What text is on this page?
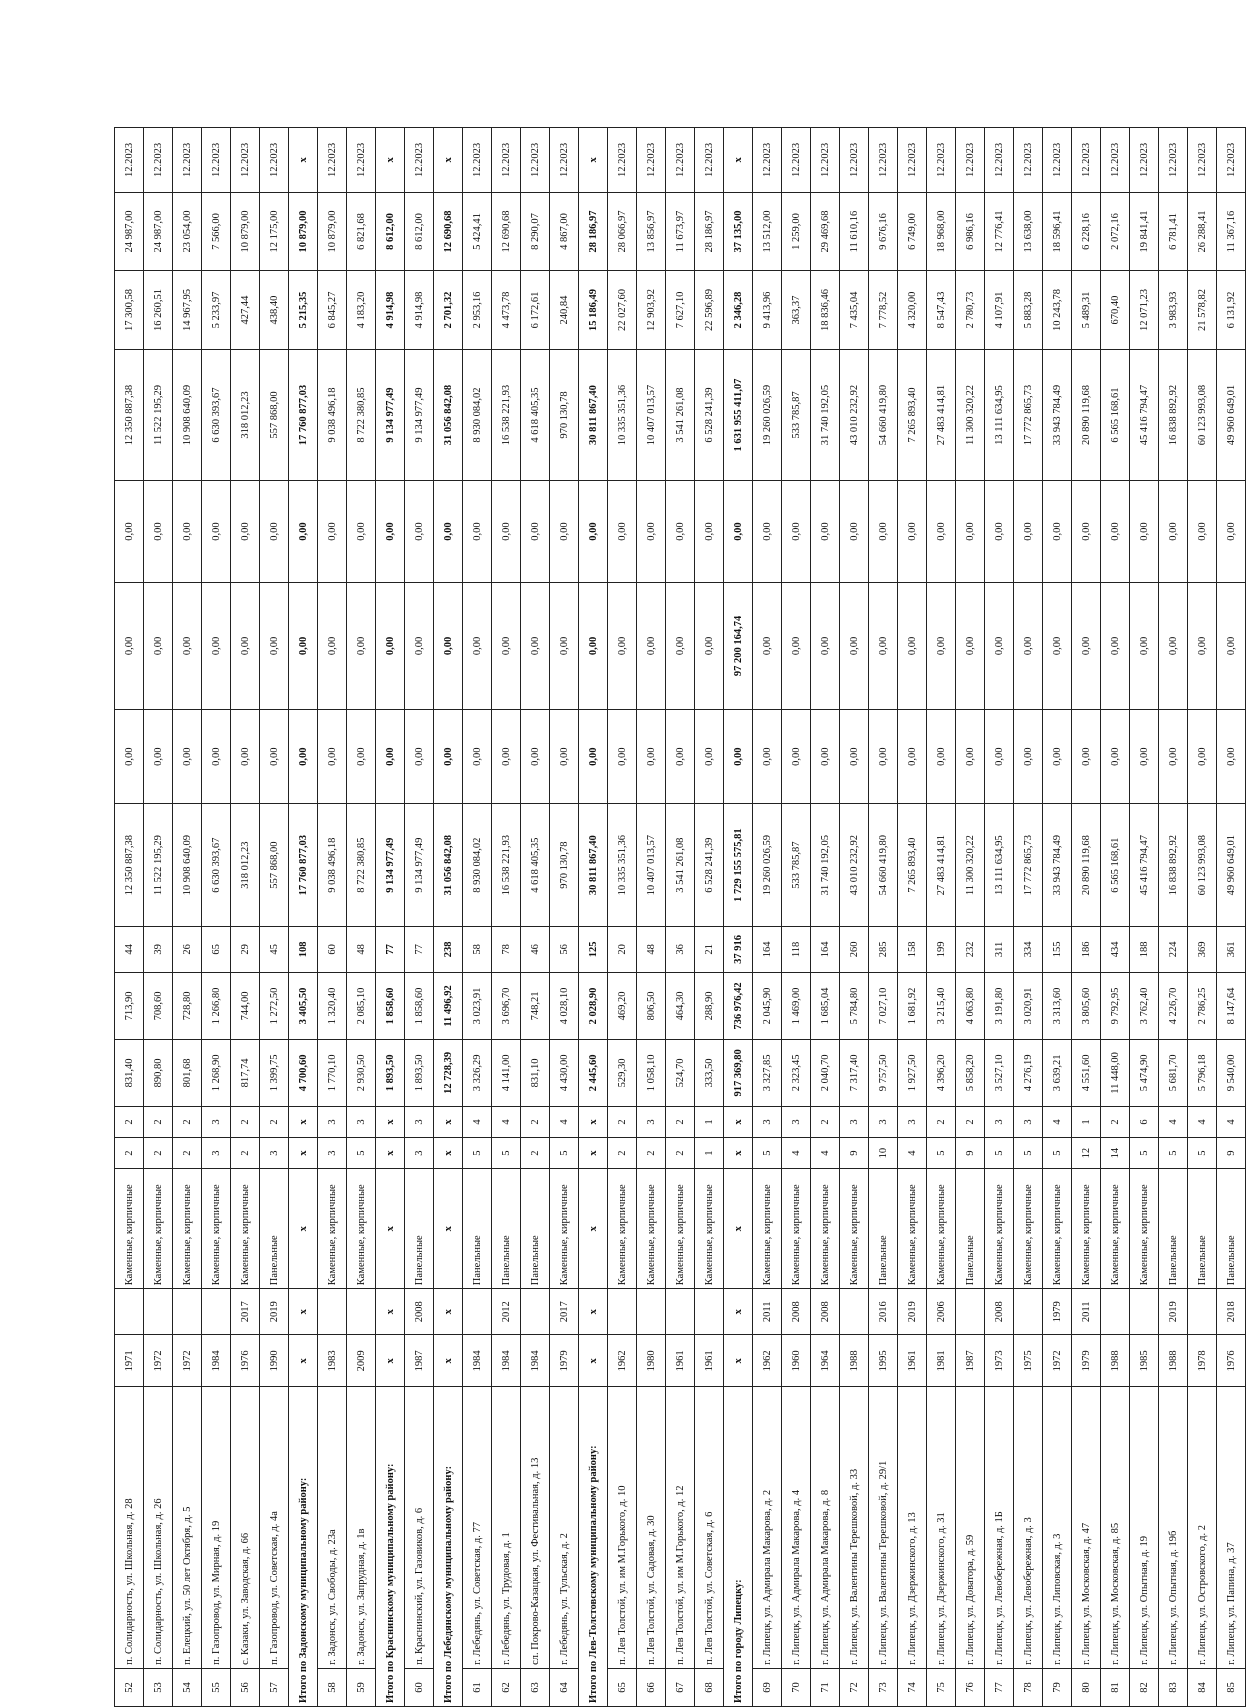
52	п. Солидарность, ул. Школьная, д. 28	1971		Каменные, кирпичные	2	2	831,40	713,90	44	12 350 887,38	0,00	0,00	0,00	12 350 887,38	17 300,58	24 987,00	12.2023
53	п. Солидарность, ул. Школьная, д. 26	1972		Каменные, кирпичные	2	2	890,80	708,60	39	11 522 195,29	0,00	0,00	0,00	11 522 195,29	16 260,51	24 987,00	12.2023
54	п. Елецкий, ул. 50 лет Октября, д. 5	1972		Каменные, кирпичные	2	2	801,68	728,80	26	10 908 640,09	0,00	0,00	0,00	10 908 640,09	14 967,95	23 054,00	12.2023
55	п. Газопровод, ул. Мирная, д. 19	1984		Каменные, кирпичные	3	3	1 268,90	1 266,80	65	6 630 393,67	0,00	0,00	0,00	6 630 393,67	5 233,97	7 566,00	12.2023
56	с. Казаки, ул. Заводская, д. 66	1976	2017	Каменные, кирпичные	2	2	817,74	744,00	29	318 012,23	0,00	0,00	0,00	318 012,23	427,44	10 879,00	12.2023
57	п. Газопровод, ул. Советская, д. 4а	1990	2019	Панельные	3	2	1 399,75	1 272,50	45	557 868,00	0,00	0,00	0,00	557 868,00	438,40	12 175,00	12.2023
Итого по Задонскому муниципальному району:		x	x	x	x	x	4 700,60	3 405,50	108	17 760 877,03	0,00	0,00	0,00	17 760 877,03	5 215,35	10 879,00	x
58	г. Задонск, ул. Свободы, д. 23а	1983		Каменные, кирпичные	3	3	1 770,10	1 320,40	60	9 038 496,18	0,00	0,00	0,00	9 038 496,18	6 845,27	10 879,00	12.2023
59	г. Задонск, ул. Запрудная, д. 1в	2009		Каменные, кирпичные	5	3	2 930,50	2 085,10	48	8 722 380,85	0,00	0,00	0,00	8 722 380,85	4 183,20	6 821,68	12.2023
Итого по Краснинскому муниципальному району:		x	x	x	x	x	1 893,50	1 858,60	77	9 134 977,49	0,00	0,00	0,00	9 134 977,49	4 914,98	8 612,00	x
60	п. Краснинский, ул. Газовиков, д. 6	1987	2008	Панельные	3	3	1 893,50	1 858,60	77	9 134 977,49	0,00	0,00	0,00	9 134 977,49	4 914,98	8 612,00	12.2023
Итого по Лебедянскому муниципальному району:		x	x	x	x	x	12 728,39	11 496,92	238	31 056 842,08	0,00	0,00	0,00	31 056 842,08	2 701,32	12 690,68	x
61	г. Лебедянь, ул. Советская, д. 77	1984		Панельные	5	4	3 326,29	3 023,91	58	8 930 084,02	0,00	0,00	0,00	8 930 084,02	2 953,16	5 424,41	12.2023
62	г. Лебедянь, ул. Трудовая, д. 1	1984	2012	Панельные	5	4	4 141,00	3 696,70	78	16 538 221,93	0,00	0,00	0,00	16 538 221,93	4 473,78	12 690,68	12.2023
63	сл. Покрово-Казацкая, ул. Фестивальная, д. 13	1984		Панельные	2	2	831,10	748,21	46	4 618 405,35	0,00	0,00	0,00	4 618 405,35	6 172,61	8 290,07	12.2023
64	г. Лебедянь, ул. Тульская, д. 2	1979	2017	Каменные, кирпичные	5	4	4 430,00	4 028,10	56	970 130,78	0,00	0,00	0,00	970 130,78	240,84	4 867,00	12.2023
Итого по Лев-Толстовскому муниципальному району:		x	x	x	x	x	2 445,60	2 028,90	125	30 811 867,40	0,00	0,00	0,00	30 811 867,40	15 186,49	28 186,97	x
65	п. Лев Толстой, ул. им М.Горького, д. 10	1962		Каменные, кирпичные	2	2	529,30	469,20	20	10 335 351,36	0,00	0,00	0,00	10 335 351,36	22 027,60	28 066,97	12.2023
66	п. Лев Толстой, ул. Садовая, д. 30	1980		Каменные, кирпичные	2	3	1 058,10	806,50	48	10 407 013,57	0,00	0,00	0,00	10 407 013,57	12 903,92	13 856,97	12.2023
67	п. Лев Толстой, ул. им М.Горького, д. 12	1961		Каменные, кирпичные	2	2	524,70	464,30	36	3 541 261,08	0,00	0,00	0,00	3 541 261,08	7 627,10	11 673,97	12.2023
68	п. Лев Толстой, ул. Советская, д. 6	1961		Каменные, кирпичные	1	1	333,50	288,90	21	6 528 241,39	0,00	0,00	0,00	6 528 241,39	22 596,89	28 186,97	12.2023
Итого по городу Липецку:		x	x	x	x	x	917 369,80	736 976,42	37 916	1 729 155 575,81	0,00	97 200 164,74	0,00	1 631 955 411,07	2 346,28	37 135,00	x
69	г. Липецк, ул. Адмирала Макарова, д. 2	1962	2011	Каменные, кирпичные	5	3	3 327,85	2 045,90	164	19 260 026,59	0,00	0,00	0,00	19 260 026,59	9 413,96	13 512,00	12.2023
70	г. Липецк, ул. Адмирала Макарова, д. 4	1960	2008	Каменные, кирпичные	4	3	2 323,45	1 469,00	118	533 785,87	0,00	0,00	0,00	533 785,87	363,37	1 259,00	12.2023
71	г. Липецк, ул. Адмирала Макарова, д. 8	1964	2008	Каменные, кирпичные	4	2	2 040,70	1 685,04	164	31 740 192,05	0,00	0,00	0,00	31 740 192,05	18 836,46	29 469,68	12.2023
72	г. Липецк, ул. Валентины Терешковой, д. 33	1988		Каменные, кирпичные	9	3	7 317,40	5 784,80	260	43 010 232,92	0,00	0,00	0,00	43 010 232,92	7 435,04	11 610,16	12.2023
73	г. Липецк, ул. Валентины Терешковой, д. 29/1	1995	2016	Панельные	10	3	9 757,50	7 027,10	285	54 660 419,80	0,00	0,00	0,00	54 660 419,80	7 778,52	9 676,16	12.2023
74	г. Липецк, ул. Дзержинского, д. 13	1961	2019	Каменные, кирпичные	4	3	1 927,50	1 681,92	158	7 265 893,40	0,00	0,00	0,00	7 265 893,40	4 320,00	6 749,00	12.2023
75	г. Липецк, ул. Дзержинского, д. 31	1981	2006	Каменные, кирпичные	5	2	4 396,20	3 215,40	199	27 483 414,81	0,00	0,00	0,00	27 483 414,81	8 547,43	18 968,00	12.2023
76	г. Липецк, ул. Доватора, д. 59	1987		Панельные	9	2	5 858,20	4 063,80	232	11 300 320,22	0,00	0,00	0,00	11 300 320,22	2 780,73	6 986,16	12.2023
77	г. Липецк, ул. Левобережная, д. 1Б	1973	2008	Каменные, кирпичные	5	3	3 527,10	3 191,80	311	13 111 634,95	0,00	0,00	0,00	13 111 634,95	4 107,91	12 776,41	12.2023
78	г. Липецк, ул. Левобережная, д. 3	1975		Каменные, кирпичные	5	3	4 276,19	3 020,91	334	17 772 865,73	0,00	0,00	0,00	17 772 865,73	5 883,28	13 638,00	12.2023
79	г. Липецк, ул. Липовская, д. 3	1972	1979	Каменные, кирпичные	5	4	3 639,21	3 313,60	155	33 943 784,49	0,00	0,00	0,00	33 943 784,49	10 243,78	18 596,41	12.2023
80	г. Липецк, ул. Московская, д. 47	1979	2011	Каменные, кирпичные	12	1	4 551,60	3 805,60	186	20 890 119,68	0,00	0,00	0,00	20 890 119,68	5 489,31	6 228,16	12.2023
81	г. Липецк, ул. Московская, д. 85	1988		Каменные, кирпичные	14	2	11 448,00	9 792,95	434	6 565 168,61	0,00	0,00	0,00	6 565 168,61	670,40	2 072,16	12.2023
82	г. Липецк, ул. Опытная, д. 19	1985		Каменные, кирпичные	5	6	5 474,90	3 762,40	188	45 416 794,47	0,00	0,00	0,00	45 416 794,47	12 071,23	19 841,41	12.2023
83	г. Липецк, ул. Опытная, д. 19б	1988	2019	Панельные	5	4	5 681,70	4 226,70	224	16 838 892,92	0,00	0,00	0,00	16 838 892,92	3 983,93	6 781,41	12.2023
84	г. Липецк, ул. Островского, д. 2	1978		Панельные	5	4	5 796,18	2 786,25	369	60 123 993,08	0,00	0,00	0,00	60 123 993,08	21 578,82	26 288,41	12.2023
85	г. Липецк, ул. Папина, д. 37	1976	2018	Панельные	9	4	9 540,00	8 147,64	361	49 960 649,01	0,00	0,00	0,00	49 960 649,01	6 131,92	11 367,16	12.2023
